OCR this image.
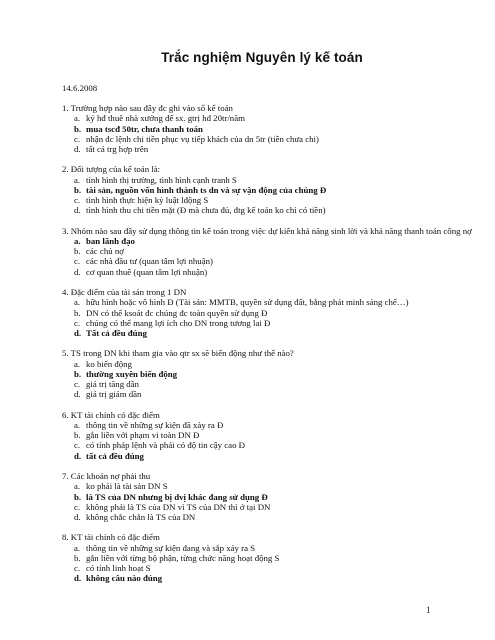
Trắc nghiệm Nguyên lý kế toán
14.6.2008
1. Trường hợp nào sau đây đc ghi vào sổ kế toán
a. ký hđ thuê nhà xưởng để sx. gtrị hđ 20tr/năm
b. mua tscđ 50tr, chưa thanh toán
c. nhận đc lệnh chi tiền phục vụ tiếp khách của dn 5tr (tiền chưa chi)
d. tất cả trg hợp trên
2. Đối tượng của kế toán là:
a. tình hình thị trường, tình hình cạnh tranh S
b. tài sản, nguồn vốn hình thành ts dn và sự vận động của chúng Đ
c. tình hình thực hiện kỷ luật lđộng S
d. tình hình thu chi tiền mặt (Đ mà chưa đủ, đtg kế toán ko chỉ có tiền)
3. Nhóm nào sau đây sử dụng thông tin kế toán trong việc dự kiến khả năng sinh lời và khả năng thanh toán công nợ
a. ban lãnh đạo
b. các chủ nợ
c. các nhà đầu tư (quan tâm lợi nhuận)
d. cơ quan thuế (quan tâm lợi nhuận)
4. Đặc điểm của tài sản trong 1 DN
a. hữu hình hoặc vô hình Đ (Tài sản: MMTB, quyền sử dụng đất, bằng phát minh sáng chế…)
b. DN có thể ksoát đc chúng đc toàn quyền sử dụng Đ
c. chúng có thể mang lợi ích cho DN trong tương lai Đ
d. Tất cả đều đúng
5. TS trong DN khi tham gia vào qtr sx sẽ biến động như thế nào?
a. ko biến động
b. thường xuyên biến động
c. giá trị tăng dần
d. giá trị giảm dần
6. KT tài chính có đặc điểm
a. thông tin về những sự kiện đã xảy ra Đ
b. gắn liền với phạm vi toàn DN Đ
c. có tính pháp lệnh và phải có độ tin cậy cao Đ
d. tất cả đều đúng
7. Các khoản nợ phải thu
a. ko phải là tài sản DN S
b. là TS của DN nhưng bị dvị khác đang sử dụng Đ
c. không phải là TS của DN vì TS của DN thì ở tại DN
d. không chắc chắn là TS của DN
8. KT tài chính có đặc điểm
a. thông tin về những sự kiện đang và sắp xảy ra S
b. gắn liền với từng bộ phận, từng chức năng hoạt động S
c. có tính linh hoạt S
d. không câu nào đúng
1
